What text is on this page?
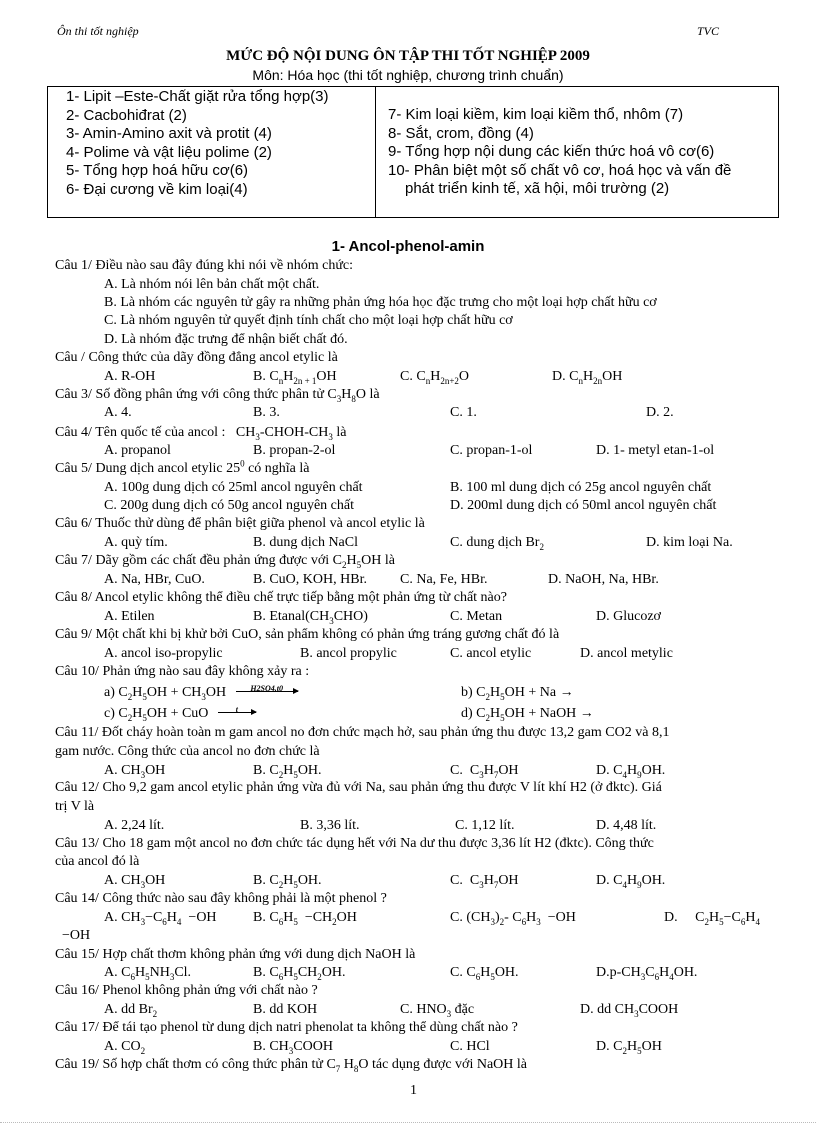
Ôn thi tốt nghiệp	TVC
MỨC ĐỘ NỘI DUNG ÔN TẬP THI TỐT NGHIỆP 2009
Môn: Hóa học (thi tốt nghiệp, chương trình chuẩn)
1- Lipit –Este-Chất giặt rửa tổng hợp(3)
2- Cacbohiđrat (2)
3- Amin-Amino axit và protit (4)
4- Polime và vật liệu polime (2)
5- Tổng hợp hoá hữu cơ(6)
6- Đại cương về kim loại(4)
7- Kim loại kiềm, kim loại kiềm thổ, nhôm (7)
8- Sắt, crom, đồng (4)
9- Tổng hợp nội dung các kiến thức hoá vô cơ(6)
10- Phân biệt một số chất vô cơ, hoá học và vấn đề
phát triển kinh tế, xã hội, môi trường (2)
1- Ancol-phenol-amin
Câu 1/ Điều nào sau đây đúng khi nói về nhóm chức:
A. Là nhóm nói lên bản chất một chất.
B. Là nhóm các nguyên tử gây ra những phản ứng hóa học đặc trưng cho một loại hợp chất hữu cơ
C. Là nhóm nguyên tử quyết định tính chất cho một loại hợp chất hữu cơ
D. Là nhóm đặc trưng để nhận biết chất đó.
Câu / Công thức của dãy đồng đẳng ancol etylic là
A. R-OH	B. $C_nH_{2n + 1}OH$	C. $C_nH_{2n+2}O$	D. $C_nH_{2n}OH$
Câu 3/ Số đồng phân ứng với công thức phân tử $C_3H_8O$ là
A. 4.	B. 3.	C. 1.	D. 2.
Câu 4/ Tên quốc tế của ancol :   $CH_3-CHOH-CH_3$ là
A. propanol	B. propan-2-ol	C. propan-1-ol	D. 1- metyl etan-1-ol
Câu 5/ Dung dịch ancol etylic $25^0$ có nghĩa là
A. 100g dung dịch có 25ml ancol nguyên chất	B. 100 ml dung dịch có 25g ancol nguyên chất
C. 200g dung dịch có 50g ancol nguyên chất	D. 200ml dung dịch có 50ml ancol nguyên chất
Câu 6/ Thuốc thử dùng để phân biệt giữa phenol và ancol etylic là
A. quỳ tím.	B. dung dịch NaCl	C. dung dịch $Br_2$	D. kim loại Na.
Câu 7/ Dãy gồm các chất đều phản ứng được với $C_2H_5OH$ là
A. Na, HBr, CuO.	B. CuO, KOH, HBr. C. Na, Fe, HBr.	D. NaOH, Na, HBr.
Câu 8/ Ancol etylic không thể điều chế trực tiếp bằng một phản ứng từ chất nào?
A. Etilen	B. $Etanal(CH_3CHO)$	C. Metan	D. Glucozơ
Câu 9/ Một chất khi bị khử bởi CuO, sản phẩm không có phản ứng tráng gương chất đó là
A. ancol iso-propylic	B. ancol propylic	C. ancol etylic	D. ancol metylic
Câu 10/ Phản ứng nào sau đây không xảy ra :
a) $C_2H_5OH + CH_3OH$	H2SO4,t0	b) $C_2H_5OH + Na$ →
c) $C_2H_5OH$ + CuO	t	d) $C_2H_5OH$ + NaOH →
Câu 11/ Đốt cháy hoàn toàn m gam ancol no đơn chức mạch hở, sau phản ứng thu được 13,2 gam CO2 và 8,1
gam nước. Công thức của ancol no đơn chức là
A. $CH_3OH$	B. $C_2H_5OH$.	C.  $C_3H_7OH$	D. $C_4H_9OH$.
Câu 12/ Cho 9,2 gam ancol etylic phản ứng vừa đủ với Na, sau phản ứng thu được V lít khí H2 (ở đktc). Giá
trị V là
A. 2,24 lít.	B. 3,36 lít.	C. 1,12 lít.	D. 4,48 lít.
Câu 13/ Cho 18 gam một ancol no đơn chức tác dụng hết với Na dư thu được 3,36 lít H2 (đktc). Công thức
của ancol đó là
A. $CH_3OH$	B. $C_2H_5OH$.	C.  $C_3H_7OH$	D. $C_4H_9OH$.
Câu 14/ Công thức nào sau đây không phải là một phenol ?
A. $CH_3-C_6H_4 -OH$	B. $C_6H_5 -CH_2OH$	C. $(CH_3)_2-$ $C_6H_3 -OH$	D.     $C_2H_5-C_6H_4$
−OH
Câu 15/ Hợp chất thơm không phản ứng với dung dịch NaOH là
A. $C_6H_5NH_3Cl$.	B. $C_6H_5CH_2OH$.	C. $C_6H_5OH$.	$D.p-CH_3C_6H_4OH$.
Câu 16/ Phenol không phản ứng với chất nào ?
A. dd $Br_2$	B. dd KOH	C. $HNO_3$ đặc	D. dd $CH_3COOH$
Câu 17/ Để tái tạo phenol từ dung dịch natri phenolat ta không thể dùng chất nào ?
A. $CO_2$	B. $CH_3COOH$	C. HCl	D. $C_2H_5OH$
Câu 19/ Số hợp chất thơm có công thức phân tử $C_7$ $H_8O$ tác dụng được với NaOH là
1
